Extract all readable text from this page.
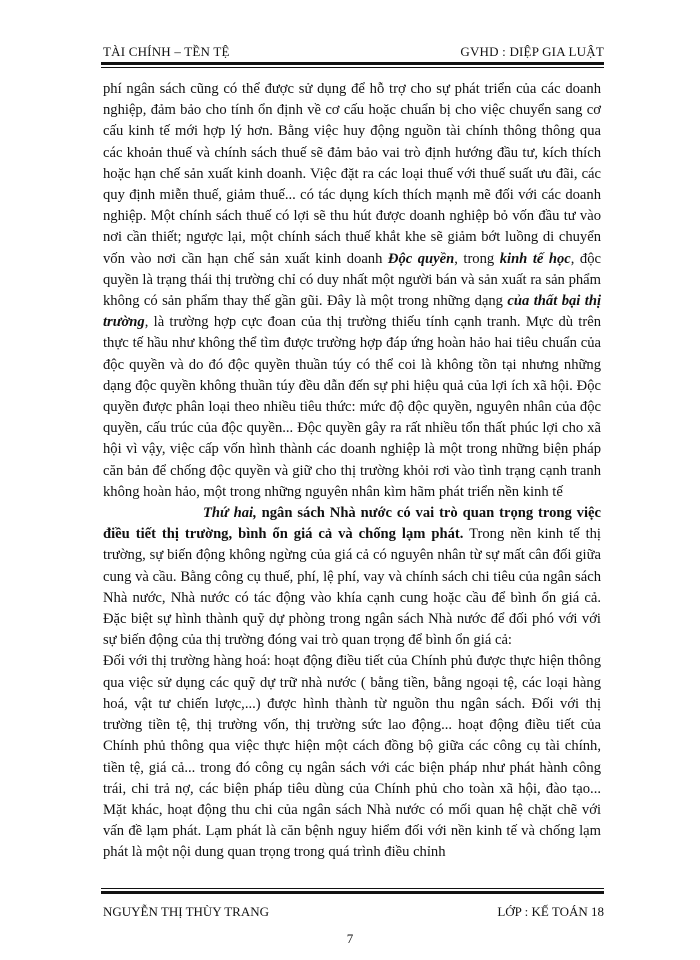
TÀI CHÍNH – TỀN TỆ	GVHD : DIỆP GIA LUẬT

phí ngân sách cũng có thể được sử dụng để hỗ trợ cho sự phát triển của các doanh nghiệp, đảm bảo cho tính ổn định về cơ cấu hoặc chuẩn bị cho việc chuyển sang cơ cấu kinh tế mới hợp lý hơn. Bằng việc huy động nguồn tài chính thông thông qua các khoản thuế và chính sách thuế sẽ đảm bảo vai trò định hướng đầu tư, kích thích hoặc hạn chế sản xuất kinh doanh. Việc đặt ra các loại thuế với thuế suất ưu đãi, các quy định miễn thuế, giảm thuế... có tác dụng kích thích mạnh mẽ đối với các doanh nghiệp. Một chính sách thuế có lợi sẽ thu hút được doanh nghiệp bỏ vốn đầu tư vào nơi cần thiết; ngược lại, một chính sách thuế khắt khe sẽ giảm bớt luồng di chuyển vốn vào nơi cần hạn chế sản xuất kinh doanh Độc quyền, trong kinh tế học, độc quyền là trạng thái thị trường chỉ có duy nhất một người bán và sản xuất ra sản phẩm không có sản phẩm thay thế gần gũi. Đây là một trong những dạng của thất bại thị trường, là trường hợp cực đoan của thị trường thiếu tính cạnh tranh. Mực dù trên thực tế hầu như không thể tìm được trường hợp đáp ứng hoàn hảo hai tiêu chuẩn của độc quyền và do đó độc quyền thuần túy có thể coi là không tồn tại nhưng những dạng độc quyền không thuần túy đều dẫn đến sự phi hiệu quả của lợi ích xã hội. Độc quyền được phân loại theo nhiều tiêu thức: mức độ độc quyền, nguyên nhân của độc quyền, cấu trúc của độc quyền... Độc quyền gây ra rất nhiều tổn thất phúc lợi cho xã hội vì vậy, việc cấp vốn hình thành các doanh nghiệp là một trong những biện pháp căn bản để chống độc quyền và giữ cho thị trường khỏi rơi vào tình trạng cạnh tranh không hoàn hảo, một trong những nguyên nhân kìm hãm phát triển nền kinh tế

Thứ hai, ngân sách Nhà nước có vai trò quan trọng trong việc điều tiết thị trường, bình ổn giá cả và chống lạm phát. Trong nền kinh tế thị trường, sự biến động không ngừng của giá cả có nguyên nhân từ sự mất cân đối giữa cung và cầu. Bằng công cụ thuế, phí, lệ phí, vay và chính sách chi tiêu của ngân sách Nhà nước, Nhà nước có tác động vào khía cạnh cung hoặc cầu để bình ổn giá cả. Đặc biệt sự hình thành quỹ dự phòng trong ngân sách Nhà nước để đối phó với với sự biến động của thị trường đóng vai trò quan trọng để bình ổn giá cả:

Đối với thị trường hàng hoá: hoạt động điều tiết của Chính phủ được thực hiện thông qua việc sử dụng các quỹ dự trữ nhà nước ( bằng tiền, bằng ngoại tệ, các loại hàng hoá, vật tư chiến lược,...) được hình thành từ nguồn thu ngân sách. Đối với thị trường tiền tệ, thị trường vốn, thị trường sức lao động... hoạt động điều tiết của Chính phủ thông qua việc thực hiện một cách đồng bộ giữa các công cụ tài chính, tiền tệ, giá cả... trong đó công cụ ngân sách với các biện pháp như phát hành công trái, chi trả nợ, các biện pháp tiêu dùng của Chính phủ cho toàn xã hội, đào tạo... Mặt khác, hoạt động thu chi của ngân sách Nhà nước có mối quan hệ chặt chẽ với vấn đề lạm phát. Lạm phát là căn bệnh nguy hiểm đối với nền kinh tế và chống lạm phát là một nội dung quan trọng trong quá trình điều chỉnh

NGUYỄN THỊ THÙY TRANG	LỚP : KẾ TOÁN 18
7
